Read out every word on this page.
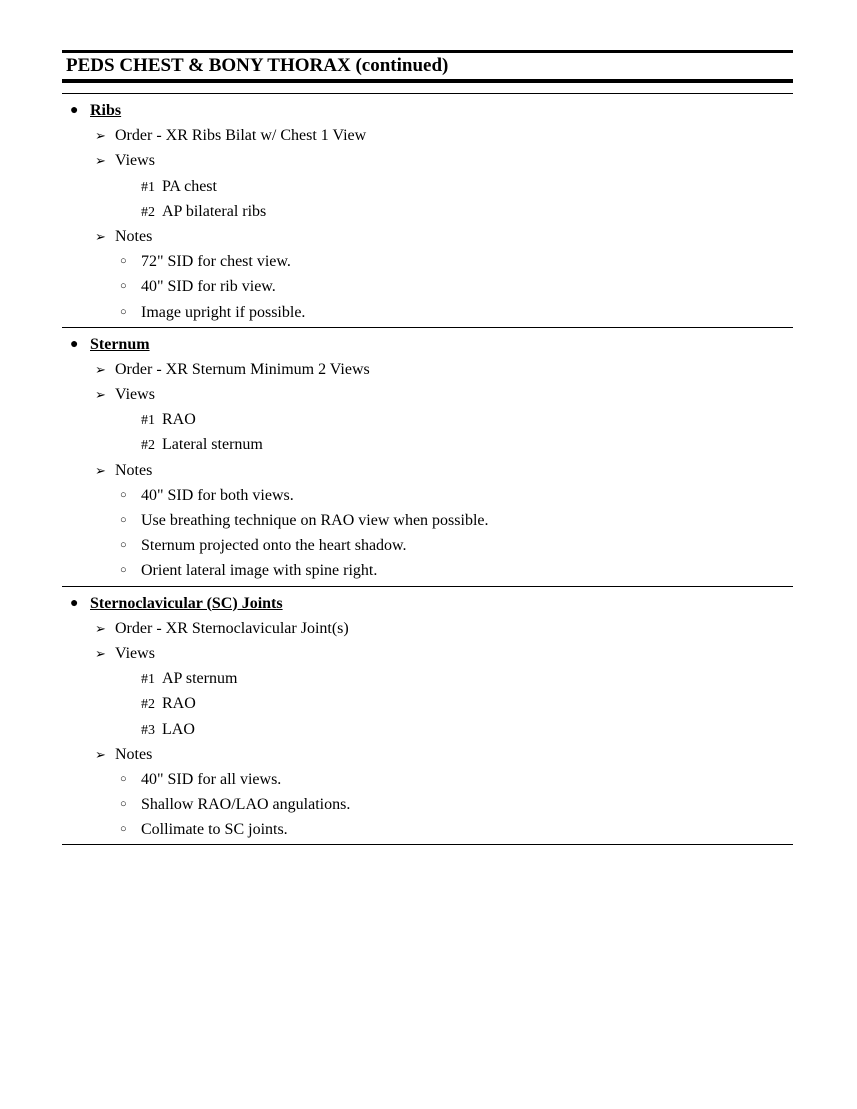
PEDS CHEST & BONY THORAX (continued)
● Ribs
➢ Order - XR Ribs Bilat w/ Chest 1 View
➢ Views
#1 PA chest
#2 AP bilateral ribs
➢ Notes
○ 72" SID for chest view.
○ 40" SID for rib view.
○ Image upright if possible.
● Sternum
➢ Order - XR Sternum Minimum 2 Views
➢ Views
#1 RAO
#2 Lateral sternum
➢ Notes
○ 40" SID for both views.
○ Use breathing technique on RAO view when possible.
○ Sternum projected onto the heart shadow.
○ Orient lateral image with spine right.
● Sternoclavicular (SC) Joints
➢ Order - XR Sternoclavicular Joint(s)
➢ Views
#1 AP sternum
#2 RAO
#3 LAO
➢ Notes
○ 40" SID for all views.
○ Shallow RAO/LAO angulations.
○ Collimate to SC joints.
